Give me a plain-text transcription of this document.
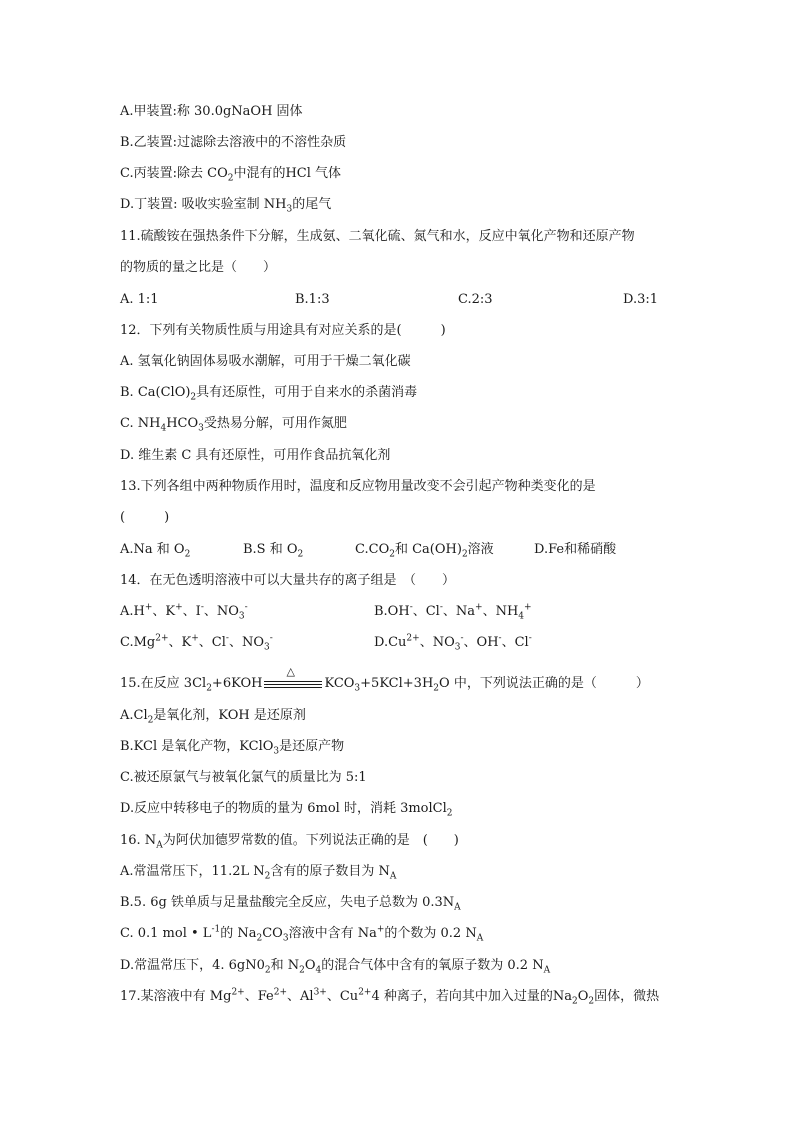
A.甲装置:称 30.0gNaOH 固体
B.乙装置:过滤除去溶液中的不溶性杂质
C.丙装置:除去 $CO_2$中混有的HCl 气体
D.丁装置: 吸收实验室制 $NH_3$的尾气
11.硫酸铵在强热条件下分解，生成氨、二氧化硫、氮气和水，反应中氧化产物和还原产物
的物质的量之比是（　　）
A. 1:1	B.1:3	C.2:3	D.3:1
12．下列有关物质性质与用途具有对应关系的是(　　　)
A. 氢氧化钠固体易吸水潮解，可用于干燥二氧化碳
B. $Ca(ClO)_2$具有还原性，可用于自来水的杀菌消毒
C. $NH_4HCO_3$受热易分解，可用作氮肥
D. 维生素 C 具有还原性，可用作食品抗氧化剂
13.下列各组中两种物质作用时，温度和反应物用量改变不会引起产物种类变化的是
(　　　)
A.Na 和 $O_2$	B.S 和 $O_2$	$C.CO_2$和 $Ca(OH)_2$溶液	D.Fe和稀硝酸
14．在无色透明溶液中可以大量共存的离子组是　（　　）
A.H+、K+、I-、$NO_3^-$	B.OH-、Cl-、Na+、$NH_4^+$
$C.Mg^{2+}$、K+、Cl-、$NO_3^-$	$D.Cu^{2+}$、$NO_3^-$、OH-、Cl-
15.在反应 $3Cl_2+6KOH$
△
$KCO_3+5KCl+3H_2O$ 中，下列说法正确的是（　　　）
$A.Cl_2$是氧化剂，KOH 是还原剂
B.KCl 是氧化产物，KClO$_3$是还原产物
C.被还原氯气与被氧化氯气的质量比为 5:1
D.反应中转移电子的物质的量为 6mol 时，消耗 3molCl$_2$
16. $N_A$为阿伏加德罗常数的值。下列说法正确的是　(　　)
A.常温常压下，11.2L $N_2$含有的原子数目为 $N_A$
B.5. 6g 铁单质与足量盐酸完全反应，失电子总数为 $0.3N_A$
C. 0.1 mol • $L^{-1}$的 $Na_2CO_3$溶液中含有 Na+的个数为 0.2 $N_A$
D.常温常压下，4. $6gN0_2$和 $N_2O_4$的混合气体中含有的氧原子数为 0.2 $N_A$
17.某溶液中有 $Mg^{2+}$、$Fe^{2+}$、$Al^{3+}$、$Cu^{2+}4$ 种离子，若向其中加入过量的$Na_2O_2$固体，微热
